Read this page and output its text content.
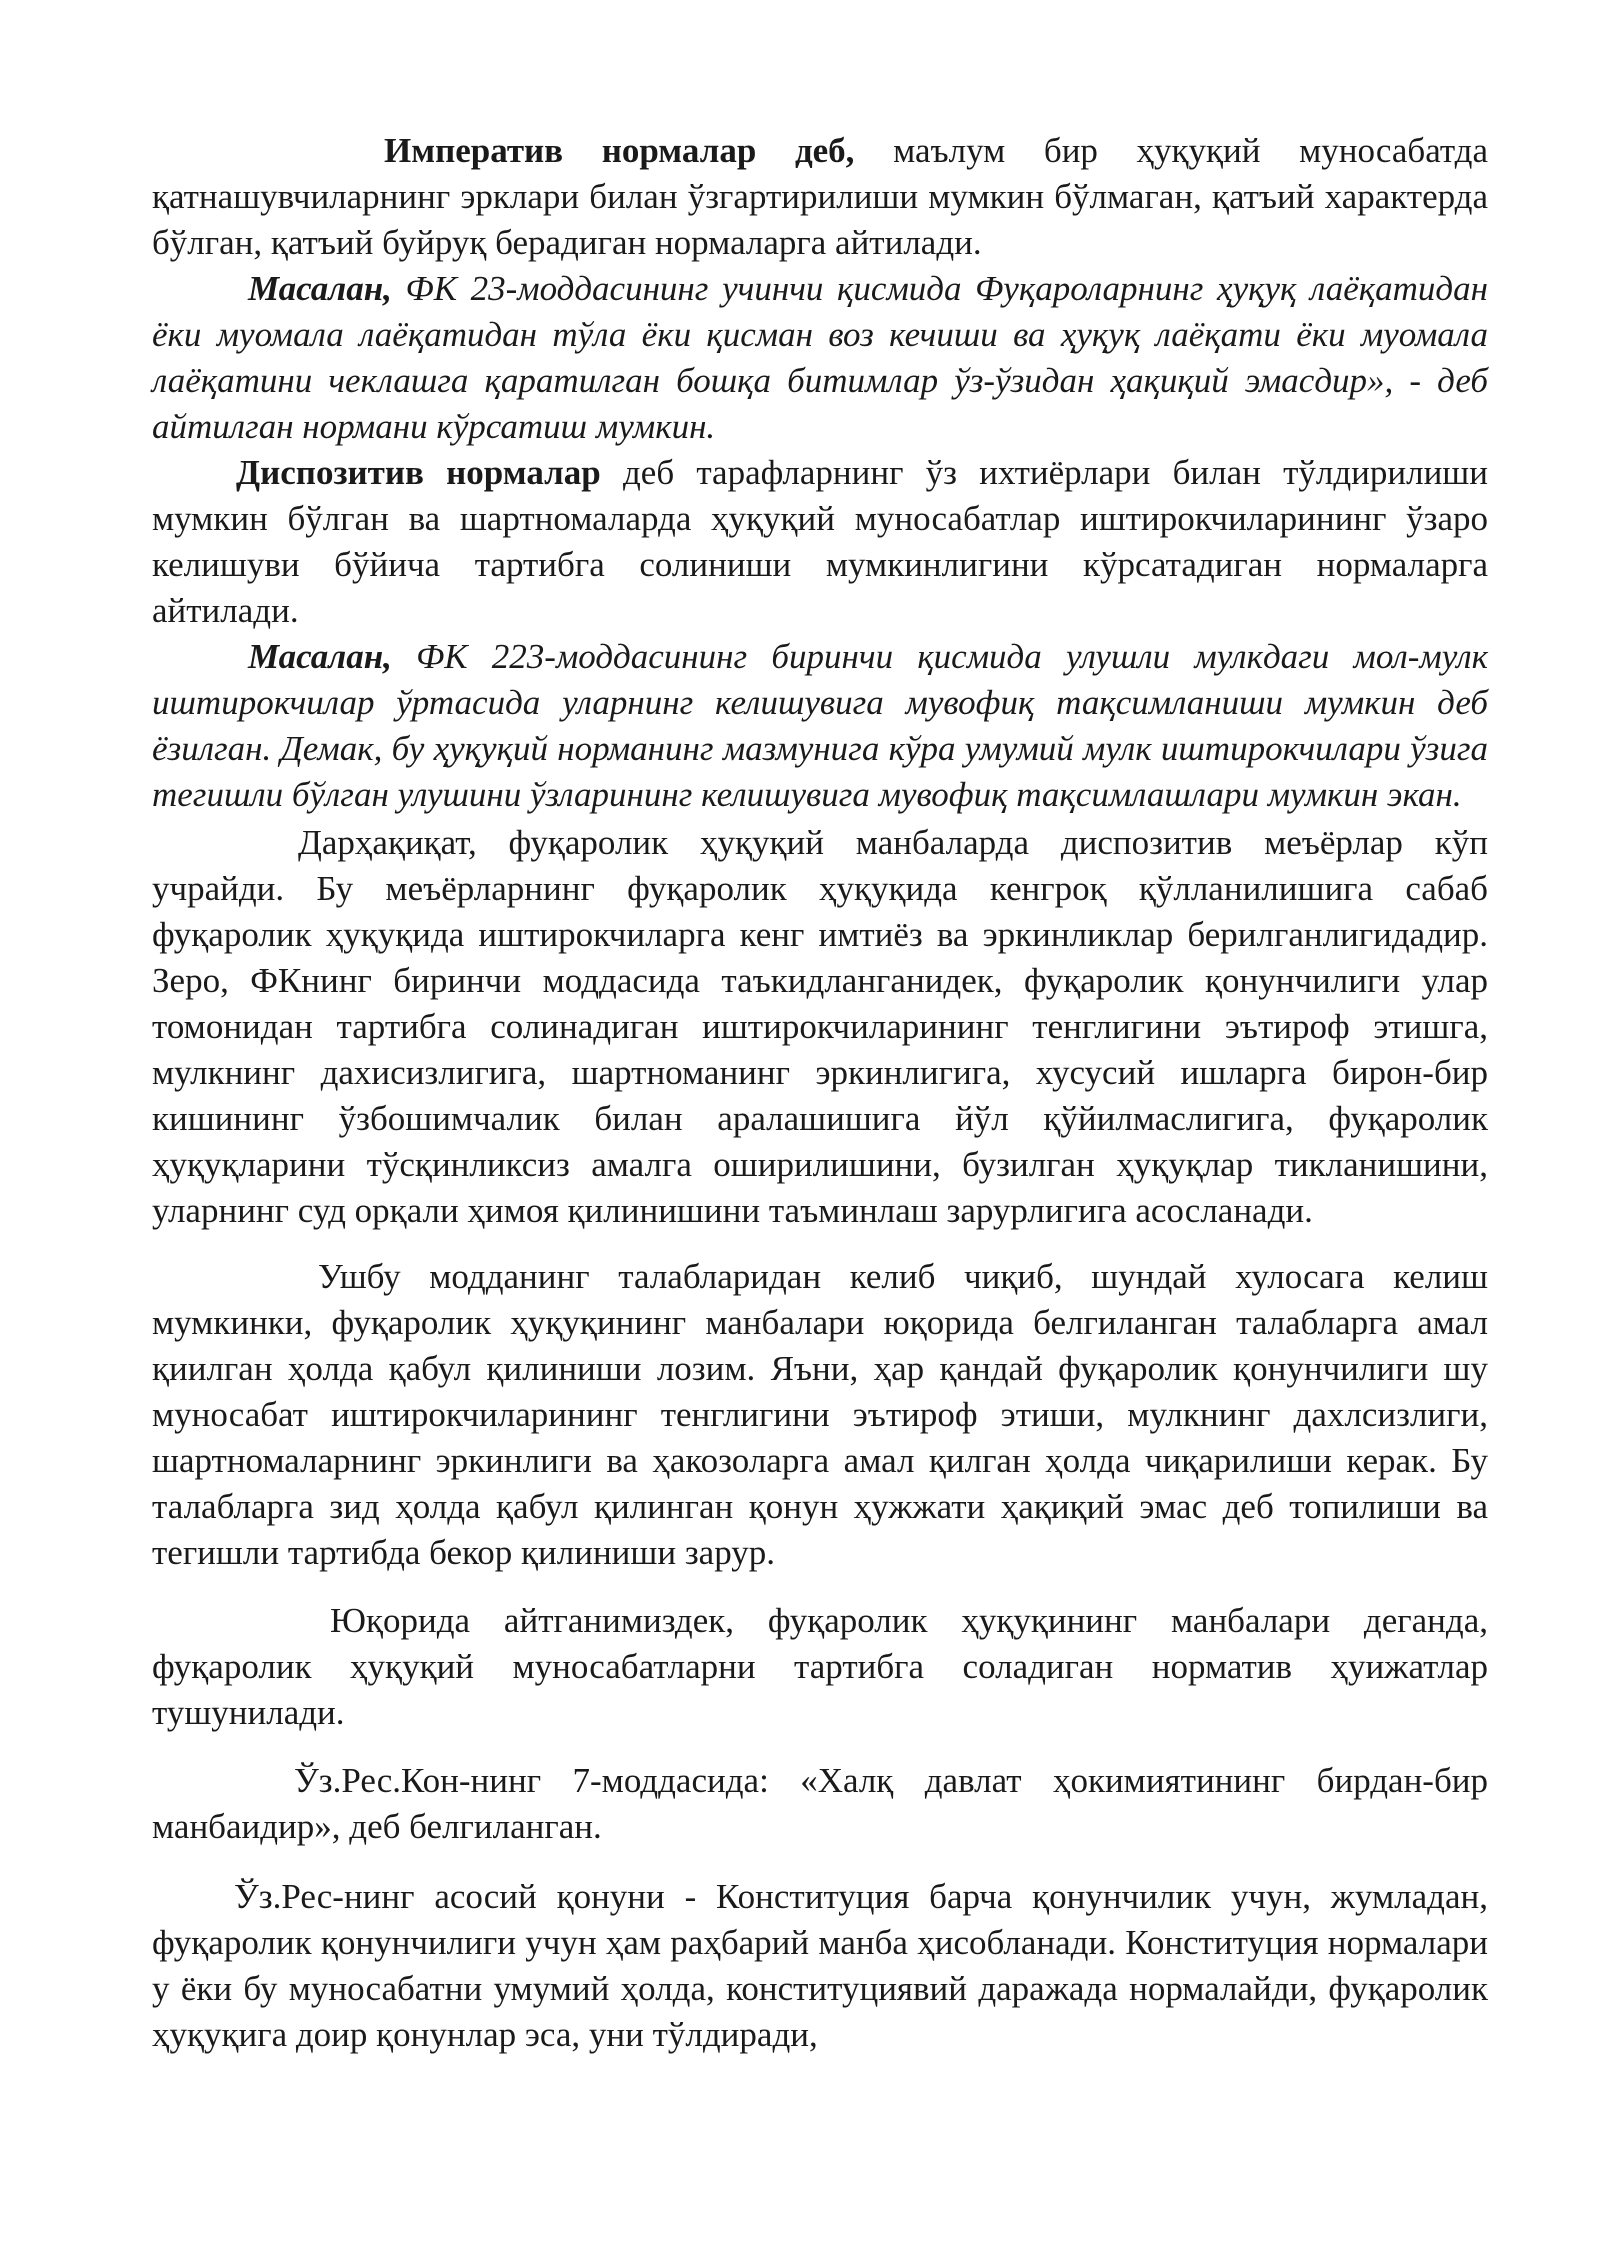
Императив нормалар деб, маълум бир ҳуқуқий муносабатда қатнашувчиларнинг эрклари билан ўзгартирилиши мумкин бўлмаган, қатъий характерда бўлган, қатъий буйруқ берадиган нормаларга айтилади.

Масалан, ФК 23-моддасининг учинчи қисмида Фуқароларнинг ҳуқуқ лаёқатидан ёки муомала лаёқатидан тўла ёки қисман воз кечиши ва ҳуқуқ лаёқати ёки муомала лаёқатини чеклашга қаратилган бошқа битимлар ўз-ўзидан ҳақиқий эмасдир», - деб айтилган нормани кўрсатиш мумкин.

Диспозитив нормалар деб тарафларнинг ўз ихтиёрлари билан тўлдирилиши мумкин бўлган ва шартномаларда ҳуқуқий муносабатлар иштирокчиларининг ўзаро келишуви бўйича тартибга солиниши мумкинлигини кўрсатадиган нормаларга айтилади.

Масалан, ФК 223-моддасининг биринчи қисмида улушли мулкдаги мол-мулк иштирокчилар ўртасида уларнинг келишувига мувофиқ тақсимланиши мумкин деб ёзилган. Демак, бу ҳуқуқий норманинг мазмунига кўра умумий мулк иштирокчилари ўзига тегишли бўлган улушини ўзларининг келишувига мувофиқ тақсимлашлари мумкин экан.

Дарҳақиқат, фуқаролик ҳуқуқий манбаларда диспозитив меъёрлар кўп учрайди. Бу меъёрларнинг фуқаролик ҳуқуқида кенгроқ қўлланилишига сабаб фуқаролик ҳуқуқида иштирокчиларга кенг имтиёз ва эркинликлар берилганлигидадир. Зеро, ФКнинг биринчи моддасида таъкидланганидек, фуқаролик қонунчилиги улар томонидан тартибга солинадиган иштирокчиларининг тенглигини эътироф этишга, мулкнинг дахисизлигига, шартноманинг эркинлигига, хусусий ишларга бирон-бир кишининг ўзбошимчалик билан аралашишига йўл қўйилмаслигига, фуқаролик ҳуқуқларини тўсқинликсиз амалга оширилишини, бузилган ҳуқуқлар тикланишини, уларнинг суд орқали ҳимоя қилинишини таъминлаш зарурлигига асосланади.

Ушбу модданинг талабларидан келиб чиқиб, шундай хулосага келиш мумкинки, фуқаролик ҳуқуқининг манбалари юқорида белгиланган талабларга амал қиилган ҳолда қабул қилиниши лозим. Яъни, ҳар қандай фуқаролик қонунчилиги шу муносабат иштирокчиларининг тенглигини эътироф этиши, мулкнинг дахлсизлиги, шартномаларнинг эркинлиги ва ҳакозоларга амал қилган ҳолда чиқарилиши керак. Бу талабларга зид ҳолда қабул қилинган қонун ҳужжати ҳақиқий эмас деб топилиши ва тегишли тартибда бекор қилиниши зарур.

Юқорида айтганимиздек, фуқаролик ҳуқуқининг манбалари деганда, фуқаролик ҳуқуқий муносабатларни тартибга соладиган норматив ҳуижатлар тушунилади.

Ўз.Рес.Кон-нинг 7-моддасида: «Халқ давлат ҳокимиятининг бирдан-бир манбаидир», деб белгиланган.

Ўз.Рес-нинг асосий қонуни - Конституция барча қонунчилик учун, жумладан, фуқаролик қонунчилиги учун ҳам раҳбарий манба ҳисобланади. Конституция нормалари у ёки бу муносабатни умумий ҳолда, конституциявий даражада нормалайди, фуқаролик ҳуқуқига доир қонунлар эса, уни тўлдиради,
